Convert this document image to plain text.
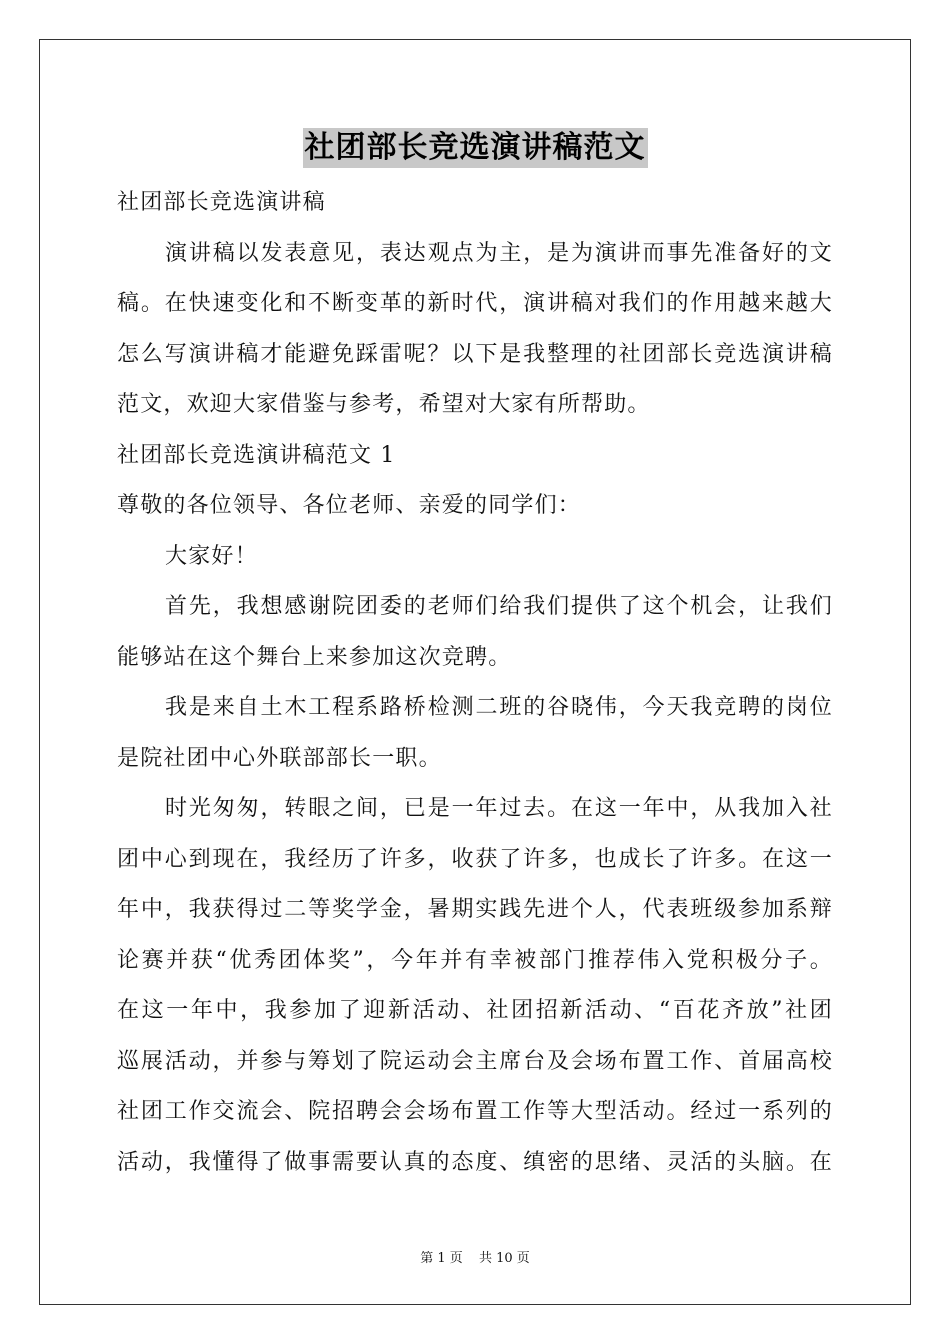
社团部长竞选演讲稿范文
社团部长竞选演讲稿
演讲稿以发表意见，表达观点为主，是为演讲而事先准备好的文
稿。在快速变化和不断变革的新时代，演讲稿对我们的作用越来越大
怎么写演讲稿才能避免踩雷呢？以下是我整理的社团部长竞选演讲稿
范文，欢迎大家借鉴与参考，希望对大家有所帮助。
社团部长竞选演讲稿范文 1
尊敬的各位领导、各位老师、亲爱的同学们：
大家好！
首先，我想感谢院团委的老师们给我们提供了这个机会，让我们
能够站在这个舞台上来参加这次竞聘。
我是来自土木工程系路桥检测二班的谷晓伟，今天我竞聘的岗位
是院社团中心外联部部长一职。
时光匆匆，转眼之间，已是一年过去。在这一年中，从我加入社
团中心到现在，我经历了许多，收获了许多，也成长了许多。在这一
年中，我获得过二等奖学金，暑期实践先进个人，代表班级参加系辩
论赛并获“优秀团体奖”，今年并有幸被部门推荐伟入党积极分子。
在这一年中，我参加了迎新活动、社团招新活动、“百花齐放”社团
巡展活动，并参与筹划了院运动会主席台及会场布置工作、首届高校
社团工作交流会、院招聘会会场布置工作等大型活动。经过一系列的
活动，我懂得了做事需要认真的态度、缜密的思绪、灵活的头脑。在
第 1 页 共 10 页
